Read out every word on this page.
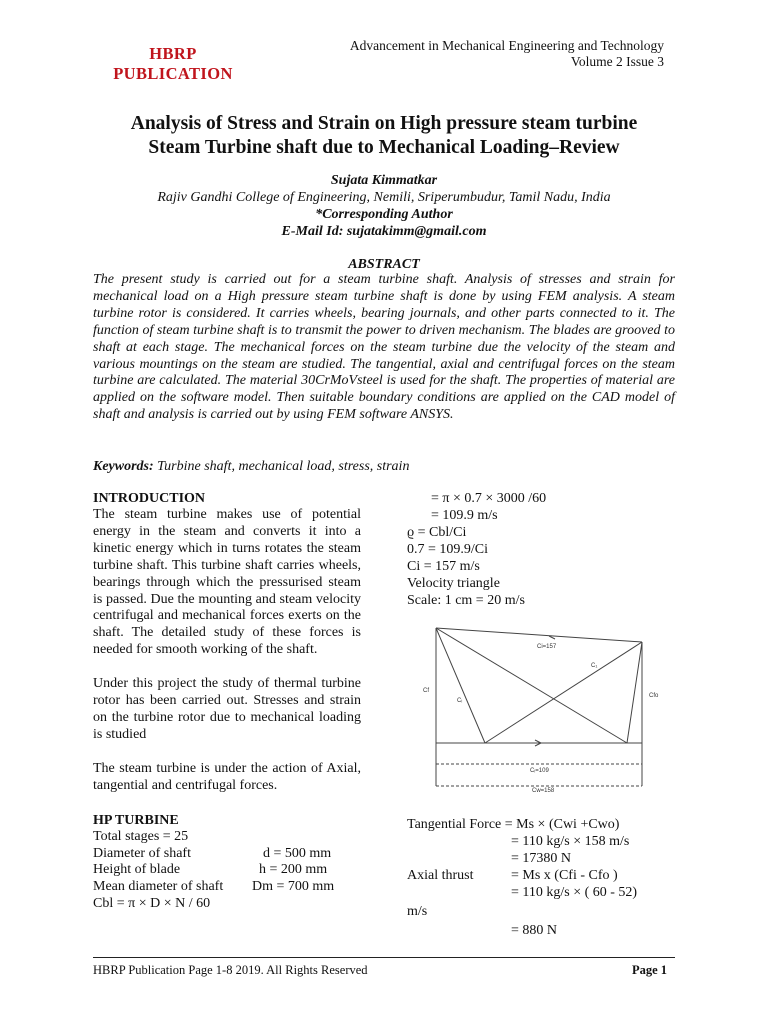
HBRP
PUBLICATION
Advancement in Mechanical Engineering and Technology
Volume 2 Issue 3
Analysis of Stress and Strain on High pressure steam turbine
Steam Turbine shaft due to Mechanical Loading–Review
Sujata Kimmatkar
Rajiv Gandhi College of Engineering, Nemili, Sriperumbudur, Tamil Nadu, India
*Corresponding Author
E-Mail Id: sujatakimm@gmail.com
ABSTRACT
The present study is carried out for a steam turbine shaft. Analysis of stresses and strain for mechanical load on a High pressure steam turbine shaft is done by using FEM analysis. A steam turbine rotor is considered. It carries wheels, bearing journals, and other parts connected to it. The function of steam turbine shaft is to transmit the power to driven mechanism. The blades are grooved to shaft at each stage. The mechanical forces on the steam turbine due the velocity of the steam and various mountings on the steam are studied. The tangential, axial and centrifugal forces on the steam turbine are calculated. The material 30CrMoVsteel is used for the shaft. The properties of material are applied on the software model. Then suitable boundary conditions are applied on the CAD model of shaft and analysis is carried out by using FEM software ANSYS.
Keywords: Turbine shaft, mechanical load, stress, strain
INTRODUCTION

The steam turbine makes use of potential energy in the steam and converts it into a kinetic energy which in turns rotates the steam turbine shaft. This turbine shaft carries wheels, bearings through which the pressurised steam is passed. Due the mounting and steam velocity centrifugal and mechanical forces exerts on the shaft. The detailed study of these forces is needed for smooth working of the shaft.

Under this project the study of thermal turbine rotor has been carried out. Stresses and strain on the turbine rotor due to mechanical loading is studied

The steam turbine is under the action of Axial, tangential and centrifugal forces.

HP TURBINE
Total stages = 25
Diameter of shaft	d = 500 mm
Height of blade	h = 200 mm
Mean diameter of shaft	Dm = 700 mm
Cbl = π × D × N / 60
= π × 0.7 × 3000 /60
= 109.9 m/s
ϱ = Cbl/Ci
0.7 = 109.9/Ci
Ci = 157 m/s
Velocity triangle
Scale: 1 cm = 20 m/s
Ci=157
C₁
Cf
Cᵢ
Cfo
Cᵢ=109
Cw=158
Tangential Force = Ms × (Cwi +Cwo)
= 110 kg/s × 158 m/s
= 17380 N
Axial thrust	= Ms x (Cfi - Cfo )
= 110 kg/s × ( 60 - 52)
m/s
= 880 N
HBRP Publication Page 1-8 2019. All Rights Reserved	Page 1
